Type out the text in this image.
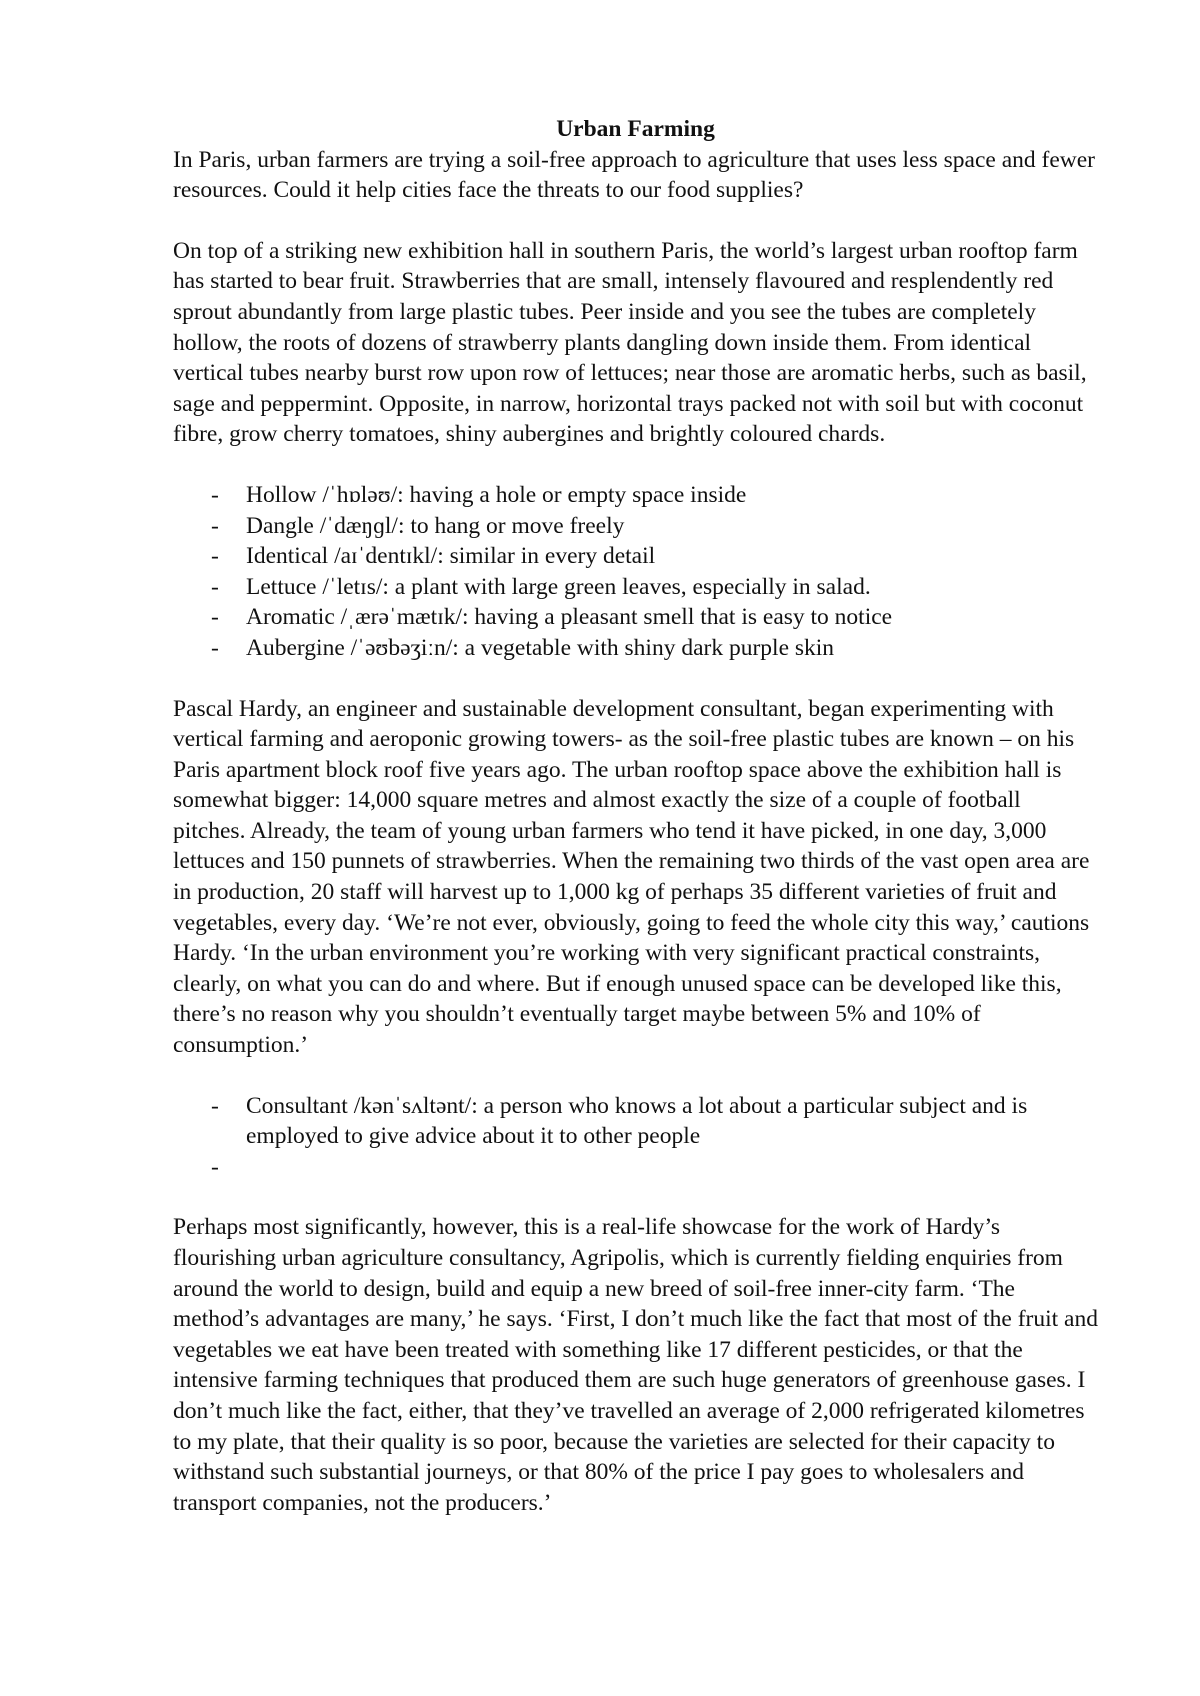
Urban Farming

In Paris, urban farmers are trying a soil-free approach to agriculture that uses less space and fewer resources. Could it help cities face the threats to our food supplies?

On top of a striking new exhibition hall in southern Paris, the world’s largest urban rooftop farm has started to bear fruit. Strawberries that are small, intensely flavoured and resplendently red sprout abundantly from large plastic tubes. Peer inside and you see the tubes are completely hollow, the roots of dozens of strawberry plants dangling down inside them. From identical vertical tubes nearby burst row upon row of lettuces; near those are aromatic herbs, such as basil, sage and peppermint. Opposite, in narrow, horizontal trays packed not with soil but with coconut fibre, grow cherry tomatoes, shiny aubergines and brightly coloured chards.

- Hollow /ˈhɒləʊ/: having a hole or empty space inside
- Dangle /ˈdæŋɡl/: to hang or move freely
- Identical /aɪˈdentɪkl/: similar in every detail
- Lettuce /ˈletɪs/: a plant with large green leaves, especially in salad.
- Aromatic /ˌærəˈmætɪk/: having a pleasant smell that is easy to notice
- Aubergine /ˈəʊbəʒiːn/: a vegetable with shiny dark purple skin

Pascal Hardy, an engineer and sustainable development consultant, began experimenting with vertical farming and aeroponic growing towers- as the soil-free plastic tubes are known – on his Paris apartment block roof five years ago. The urban rooftop space above the exhibition hall is somewhat bigger: 14,000 square metres and almost exactly the size of a couple of football pitches. Already, the team of young urban farmers who tend it have picked, in one day, 3,000 lettuces and 150 punnets of strawberries. When the remaining two thirds of the vast open area are in production, 20 staff will harvest up to 1,000 kg of perhaps 35 different varieties of fruit and vegetables, every day. ‘We’re not ever, obviously, going to feed the whole city this way,’ cautions Hardy. ‘In the urban environment you’re working with very significant practical constraints, clearly, on what you can do and where. But if enough unused space can be developed like this, there’s no reason why you shouldn’t eventually target maybe between 5% and 10% of consumption.’

- Consultant /kənˈsʌltənt/: a person who knows a lot about a particular subject and is employed to give advice about it to other people
-

Perhaps most significantly, however, this is a real-life showcase for the work of Hardy’s flourishing urban agriculture consultancy, Agripolis, which is currently fielding enquiries from around the world to design, build and equip a new breed of soil-free inner-city farm. ‘The method’s advantages are many,’ he says. ‘First, I don’t much like the fact that most of the fruit and vegetables we eat have been treated with something like 17 different pesticides, or that the intensive farming techniques that produced them are such huge generators of greenhouse gases. I don’t much like the fact, either, that they’ve travelled an average of 2,000 refrigerated kilometres to my plate, that their quality is so poor, because the varieties are selected for their capacity to withstand such substantial journeys, or that 80% of the price I pay goes to wholesalers and transport companies, not the producers.’
